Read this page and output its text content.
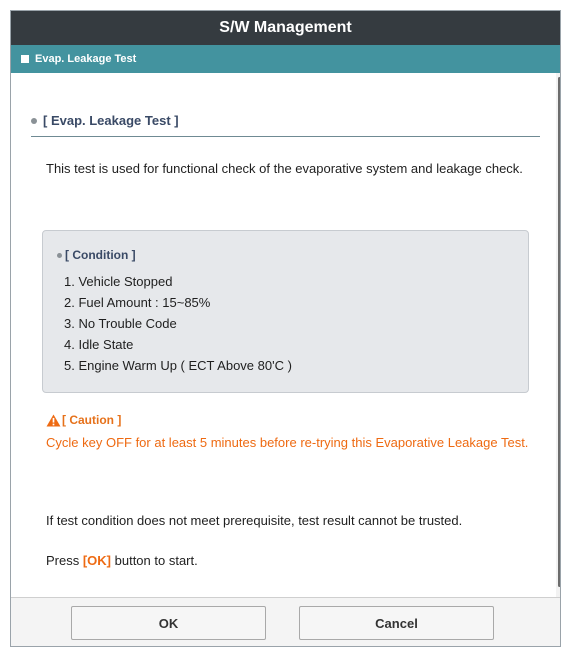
S/W Management
Evap. Leakage Test
[ Evap. Leakage Test ]

This test is used for functional check of the evaporative system and leakage check.

[ Condition ]
1. Vehicle Stopped
2. Fuel Amount : 15~85%
3. No Trouble Code
4. Idle State
5. Engine Warm Up ( ECT Above 80'C )
[ Caution ]

Cycle key OFF for at least 5 minutes before re-trying this Evaporative Leakage Test.

If test condition does not meet prerequisite, test result cannot be trusted.

Press [OK] button to start.

OK	Cancel
